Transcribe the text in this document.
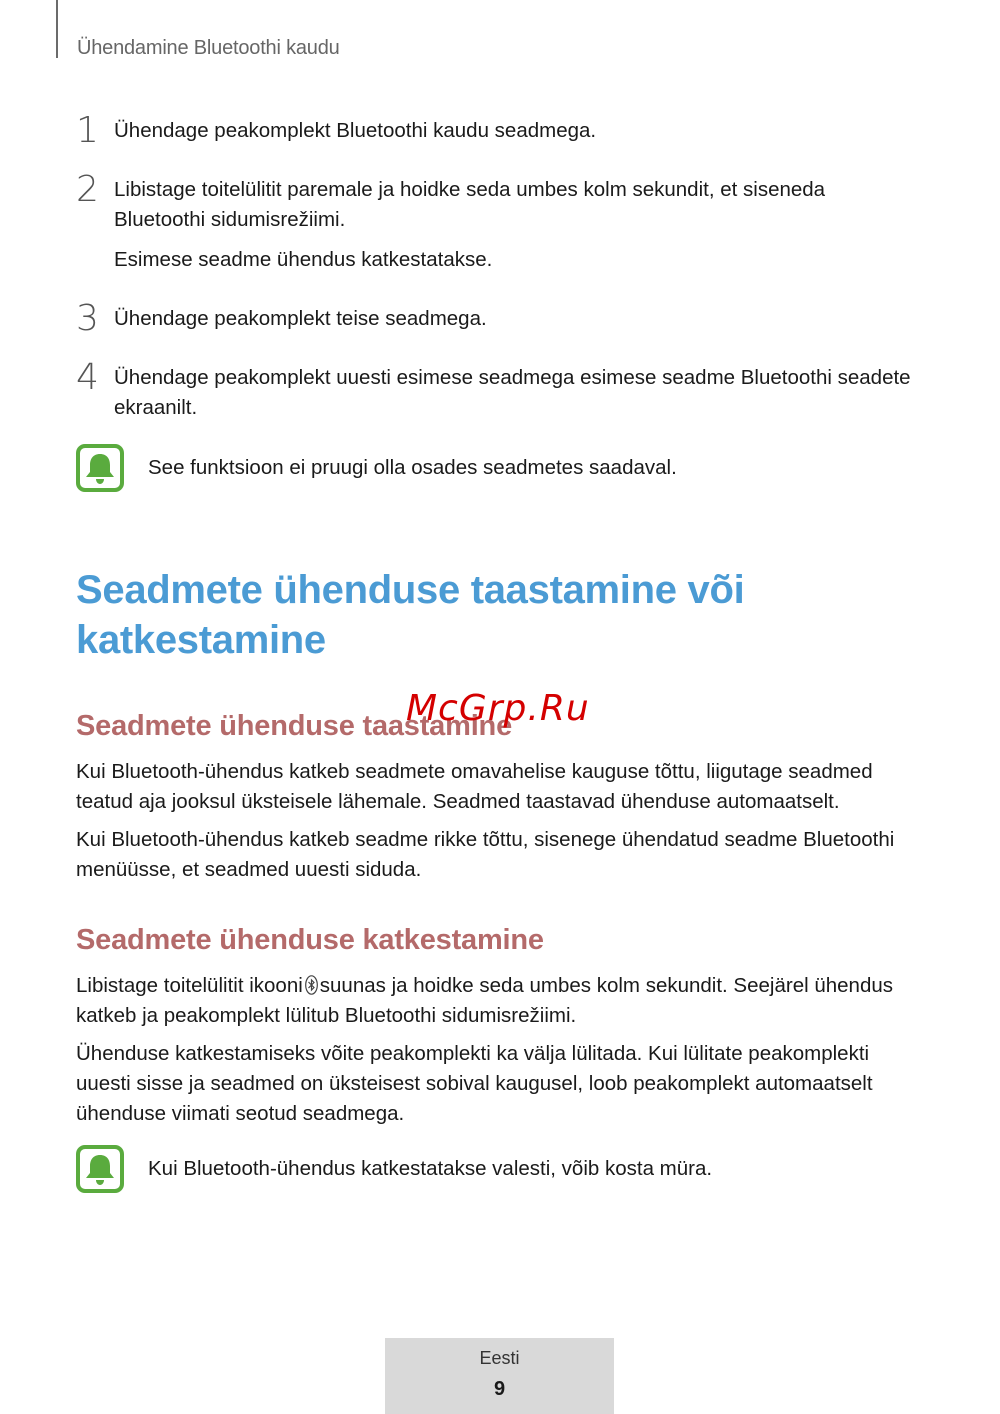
Ühendamine Bluetoothi kaudu
1 Ühendage peakomplekt Bluetoothi kaudu seadmega.
2 Libistage toitelülitit paremale ja hoidke seda umbes kolm sekundit, et siseneda Bluetoothi sidumisrežiimi.
Esimese seadme ühendus katkestatakse.
3 Ühendage peakomplekt teise seadmega.
4 Ühendage peakomplekt uuesti esimese seadmega esimese seadme Bluetoothi seadete ekraanilt.
See funktsioon ei pruugi olla osades seadmetes saadaval.
Seadmete ühenduse taastamine või katkestamine
Seadmete ühenduse taastamine
McGrp.Ru
Kui Bluetooth-ühendus katkeb seadmete omavahelise kauguse tõttu, liigutage seadmed teatud aja jooksul üksteisele lähemale. Seadmed taastavad ühenduse automaatselt.
Kui Bluetooth-ühendus katkeb seadme rikke tõttu, sisenege ühendatud seadme Bluetoothi menüüsse, et seadmed uuesti siduda.
Seadmete ühenduse katkestamine
Libistage toitelülitit ikooni suunas ja hoidke seda umbes kolm sekundit. Seejärel ühendus katkeb ja peakomplekt lülitub Bluetoothi sidumisrežiimi.
Ühenduse katkestamiseks võite peakomplekti ka välja lülitada. Kui lülitate peakomplekti uuesti sisse ja seadmed on üksteisest sobival kaugusel, loob peakomplekt automaatselt ühenduse viimati seotud seadmega.
Kui Bluetooth-ühendus katkestatakse valesti, võib kosta müra.
Eesti
9
